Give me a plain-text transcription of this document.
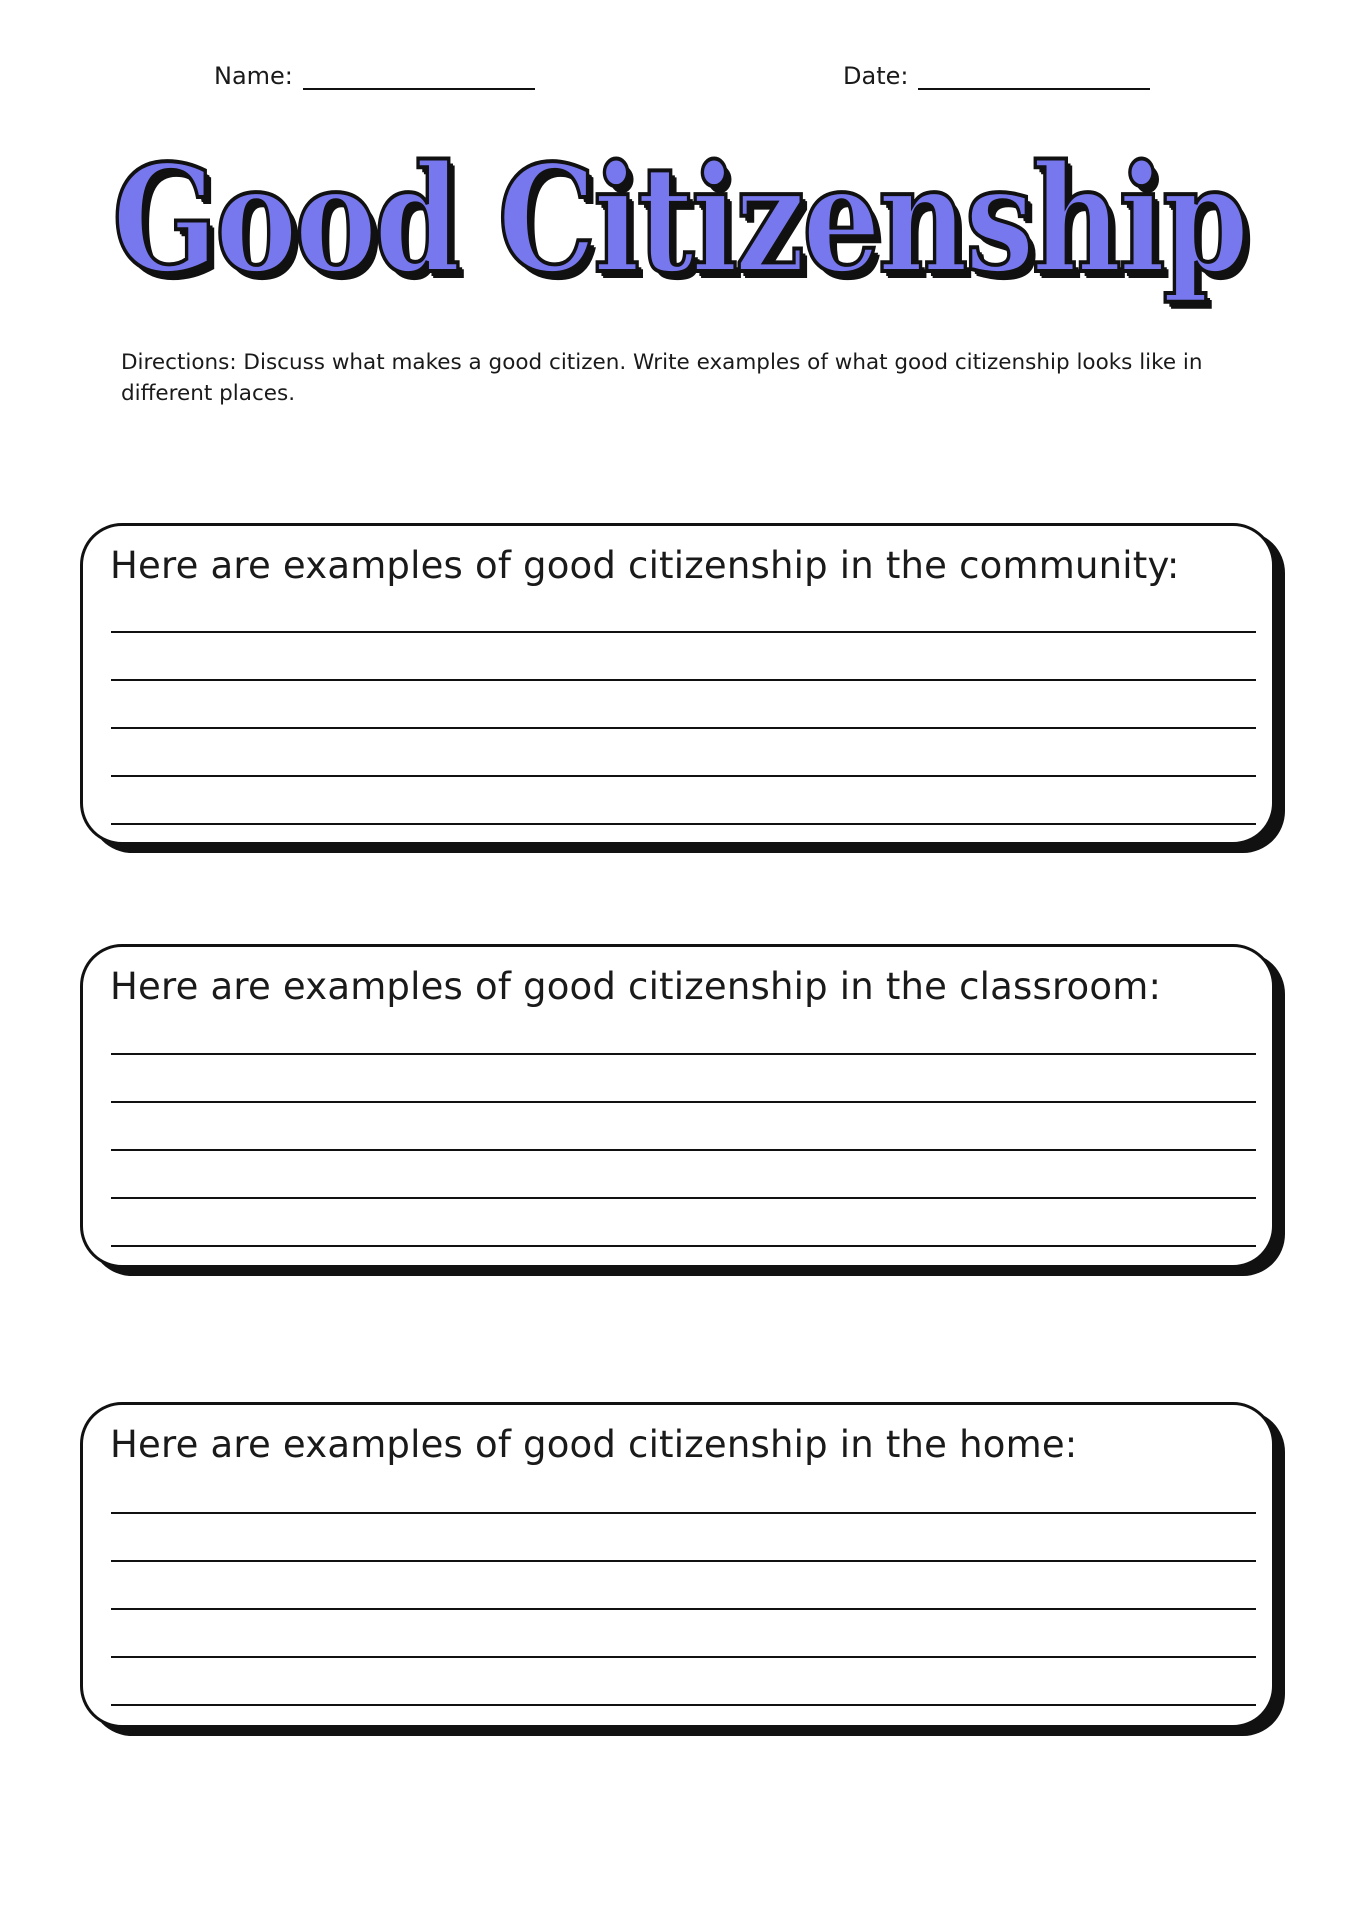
Name:	Date:
Good Citizenship
Directions: Discuss what makes a good citizen. Write examples of what good citizenship looks like in different places.
Here are examples of good citizenship in the community:
Here are examples of good citizenship in the classroom:
Here are examples of good citizenship in the home:
